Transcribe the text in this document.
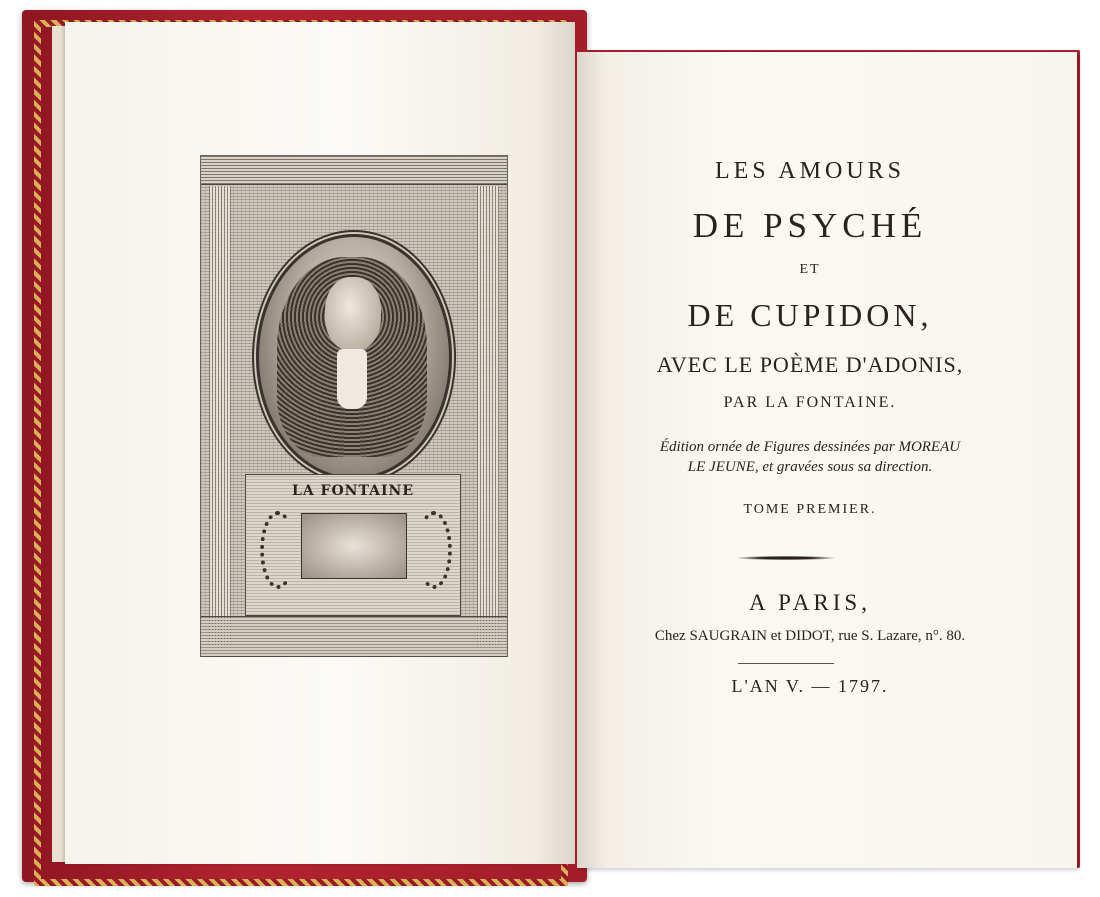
LA FONTAINE
LES AMOURS
DE PSYCHÉ
ET
DE CUPIDON,
AVEC LE POÈME D'ADONIS,
PAR LA FONTAINE.
Édition ornée de Figures dessinées par MOREAU
LE JEUNE, et gravées sous sa direction.
TOME PREMIER.
A PARIS,
Chez SAUGRAIN et DIDOT, rue S. Lazare, n°. 80.
L'AN V. — 1797.
